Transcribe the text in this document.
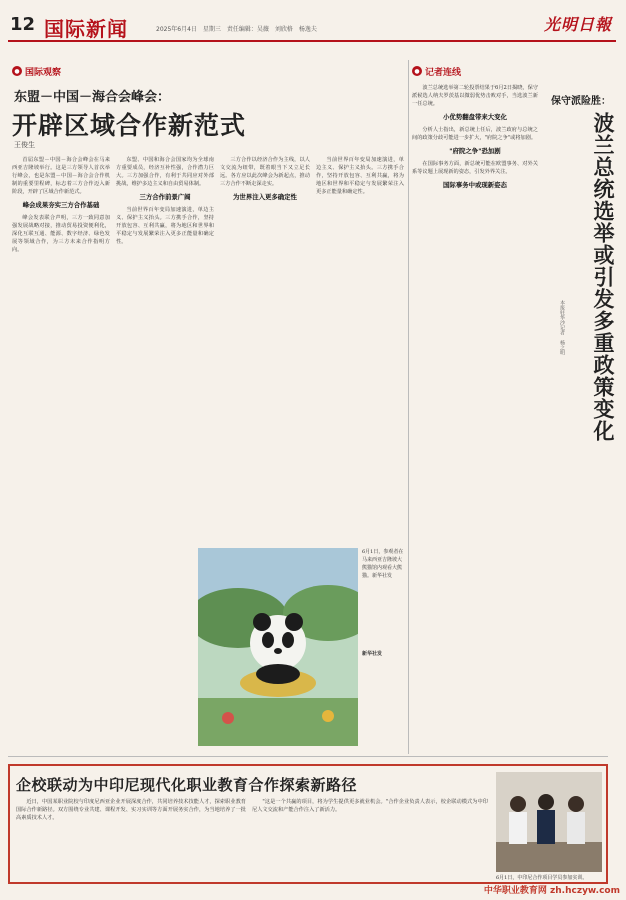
12 国际新闻	2025年6月4日　星期三　责任编辑：吴薇　刘欣格　杨逸夫	光明日報
● 国际观察	● 记者连线
东盟－中国－海合会峰会：
开辟区域合作新范式
王俊生

首届东盟－中国－海合会峰会在马来西亚吉隆坡举行。这是三方领导人首次举行峰会，也是东盟－中国－海合会合作机制的重要里程碑，标志着三方合作迈入新阶段，开辟了区域合作新范式。

峰会成果夯实三方合作基础

峰会发表联合声明，三方一致同意加强发展战略对接，推动贸易投资便利化，深化互联互通、能源、数字经济、绿色发展等领域合作，为三方未来合作指明方向。

东盟、中国和海合会国家均为全球南方重要成员，经济互补性强，合作潜力巨大。三方加强合作，有利于共同应对外部挑战，维护多边主义和自由贸易体制。

三方合作前景广阔

当前世界百年变局加速演进，单边主义、保护主义抬头。三方携手合作，坚持开放包容、互利共赢，将为地区和世界和平稳定与发展繁荣注入更多正能量和确定性。

三方合作以经济合作为主线，以人文交流为纽带，既着眼当下又立足长远。各方应以此次峰会为新起点，推动三方合作不断走深走实。

为世界注入更多确定性

当前世界百年变局加速演进，单边主义、保护主义抬头。三方携手合作，坚持开放包容、互利共赢，将为地区和世界和平稳定与发展繁荣注入更多正能量和确定性。

6月1日，参观者在马来西亚吉隆坡大熊猫馆内观看大熊猫。新华社发
新华社发
保守派险胜：
波兰总统选举或引发多重政策变化
本报驻华沙记者　杨之明

波兰总统选举第二轮投票结果于6月2日揭晓，保守派候选人纳夫罗茨基以微弱优势击败对手，当选波兰新一任总统。

小优势翻盘带来大变化

分析人士指出，新总统上任后，波兰政府与总统之间的政策分歧可能进一步扩大，"府院之争"或将加剧。

"府院之争"恐加剧

在国际事务方面，新总统可能在欧盟事务、对外关系等议题上展现新的姿态，引发外界关注。

国际事务中或现新姿态
企校联动为中印尼现代化职业教育合作探索新路径

近日，中国某职业院校与印度尼西亚企业开展深度合作，共同培养技术技能人才，探索职业教育国际合作新路径。双方围绕专业共建、课程开发、实习实训等方面开展务实合作，为当地培养了一批高素质技术人才。

"这是一个共赢的项目，将为学生提供更多就业机会。"合作企业负责人表示，校企联动模式为中印尼人文交流和产能合作注入了新活力。

6月1日，中印尼合作项目学员参加实训。
中华职业教育网 zh.hczyw.com
